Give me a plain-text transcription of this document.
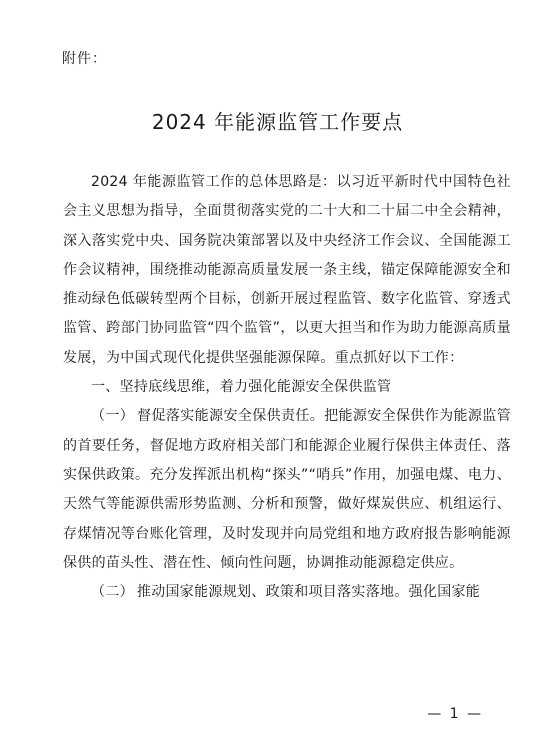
附件：
2024 年能源监管工作要点

2024 年能源监管工作的总体思路是：以习近平新时代中国特色社会主义思想为指导，全面贯彻落实党的二十大和二十届二中全会精神，深入落实党中央、国务院决策部署以及中央经济工作会议、全国能源工作会议精神，围绕推动能源高质量发展一条主线，锚定保障能源安全和推动绿色低碳转型两个目标，创新开展过程监管、数字化监管、穿透式监管、跨部门协同监管“四个监管”，以更大担当和作为助力能源高质量发展，为中国式现代化提供坚强能源保障。重点抓好以下工作：

一、坚持底线思维，着力强化能源安全保供监管

（一） 督促落实能源安全保供责任。把能源安全保供作为能源监管的首要任务，督促地方政府相关部门和能源企业履行保供主体责任、落实保供政策。充分发挥派出机构“探头”“哨兵”作用，加强电煤、电力、天然气等能源供需形势监测、分析和预警，做好煤炭供应、机组运行、存煤情况等台账化管理，及时发现并向局党组和地方政府报告影响能源保供的苗头性、潜在性、倾向性问题，协调推动能源稳定供应。

（二） 推动国家能源规划、政策和项目落实落地。强化国家能

— 1 —
